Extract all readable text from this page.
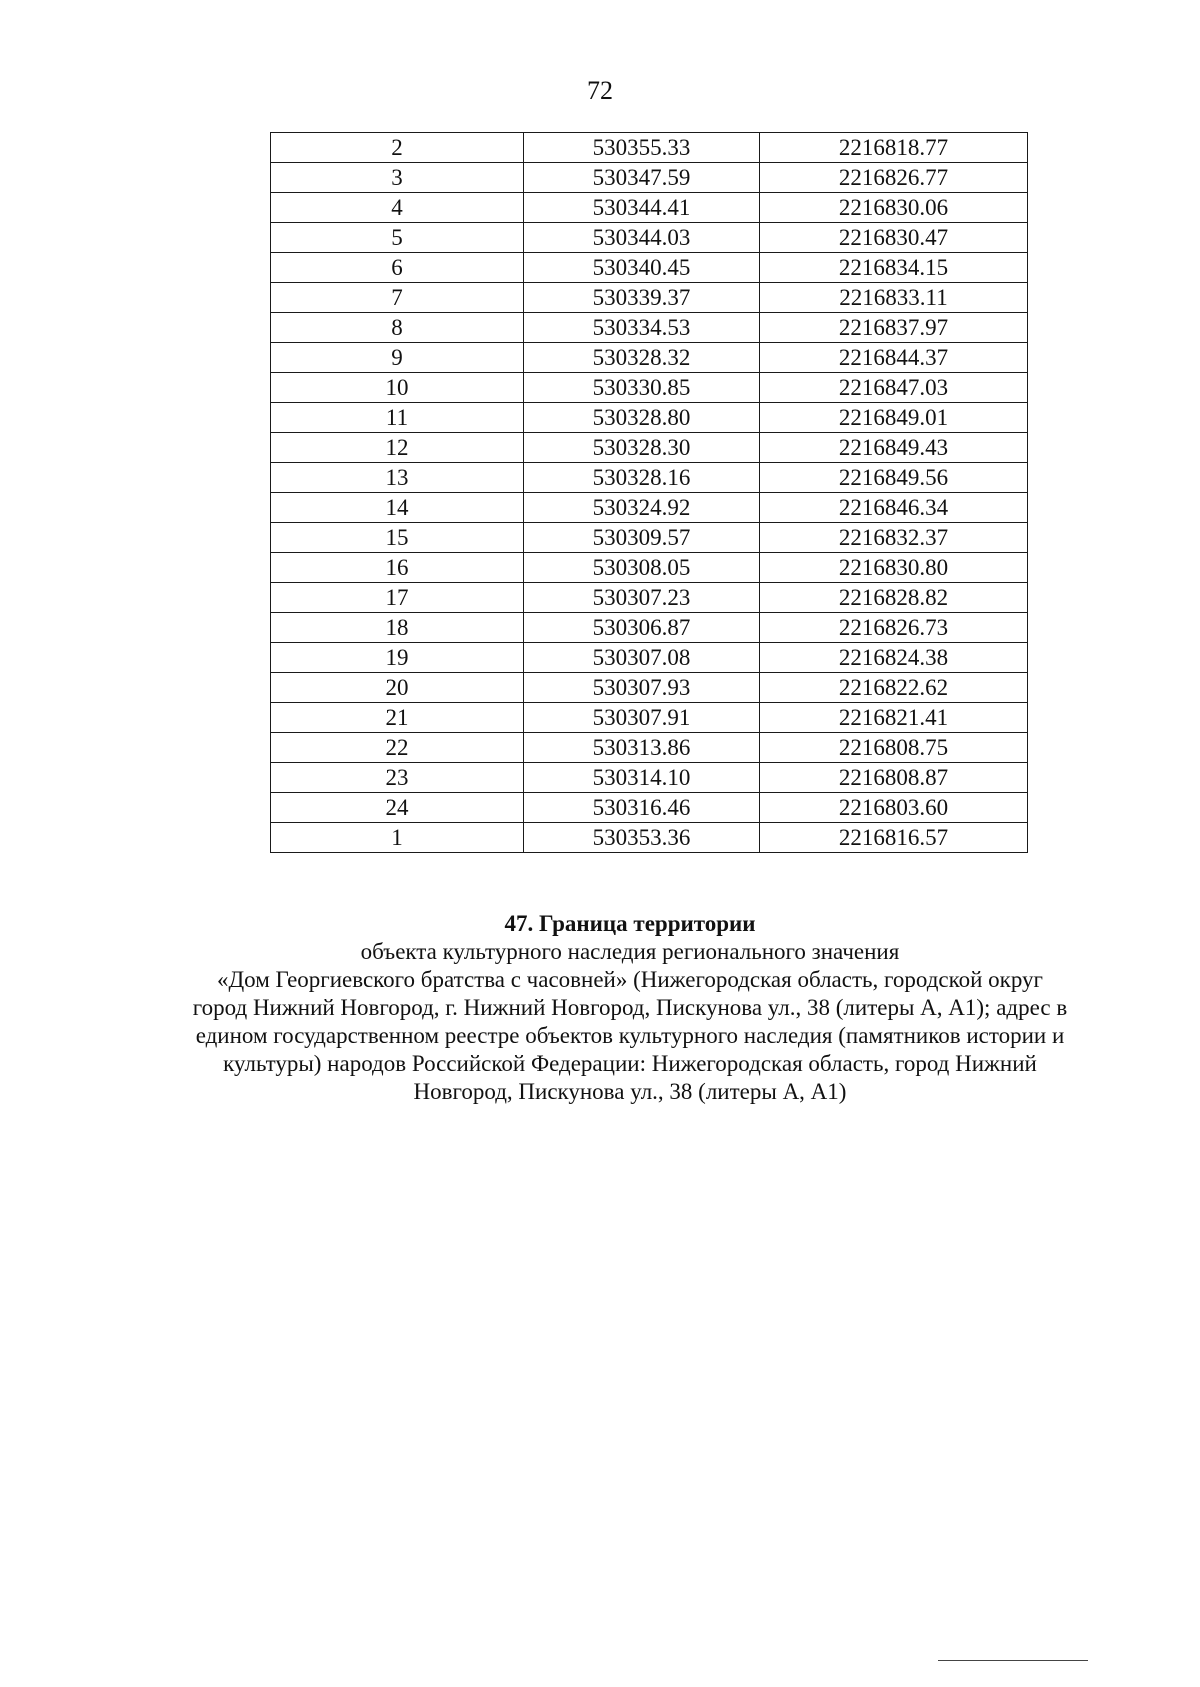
72
2	530355.33	2216818.77
3	530347.59	2216826.77
4	530344.41	2216830.06
5	530344.03	2216830.47
6	530340.45	2216834.15
7	530339.37	2216833.11
8	530334.53	2216837.97
9	530328.32	2216844.37
10	530330.85	2216847.03
11	530328.80	2216849.01
12	530328.30	2216849.43
13	530328.16	2216849.56
14	530324.92	2216846.34
15	530309.57	2216832.37
16	530308.05	2216830.80
17	530307.23	2216828.82
18	530306.87	2216826.73
19	530307.08	2216824.38
20	530307.93	2216822.62
21	530307.91	2216821.41
22	530313.86	2216808.75
23	530314.10	2216808.87
24	530316.46	2216803.60
1	530353.36	2216816.57
47. Граница территории
объекта культурного наследия регионального значения
«Дом Георгиевского братства с часовней» (Нижегородская область, городской округ
город Нижний Новгород, г. Нижний Новгород, Пискунова ул., 38 (литеры А, А1); адрес в
едином государственном реестре объектов культурного наследия (памятников истории и
культуры) народов Российской Федерации: Нижегородская область, город Нижний
Новгород, Пискунова ул., 38 (литеры А, А1)
